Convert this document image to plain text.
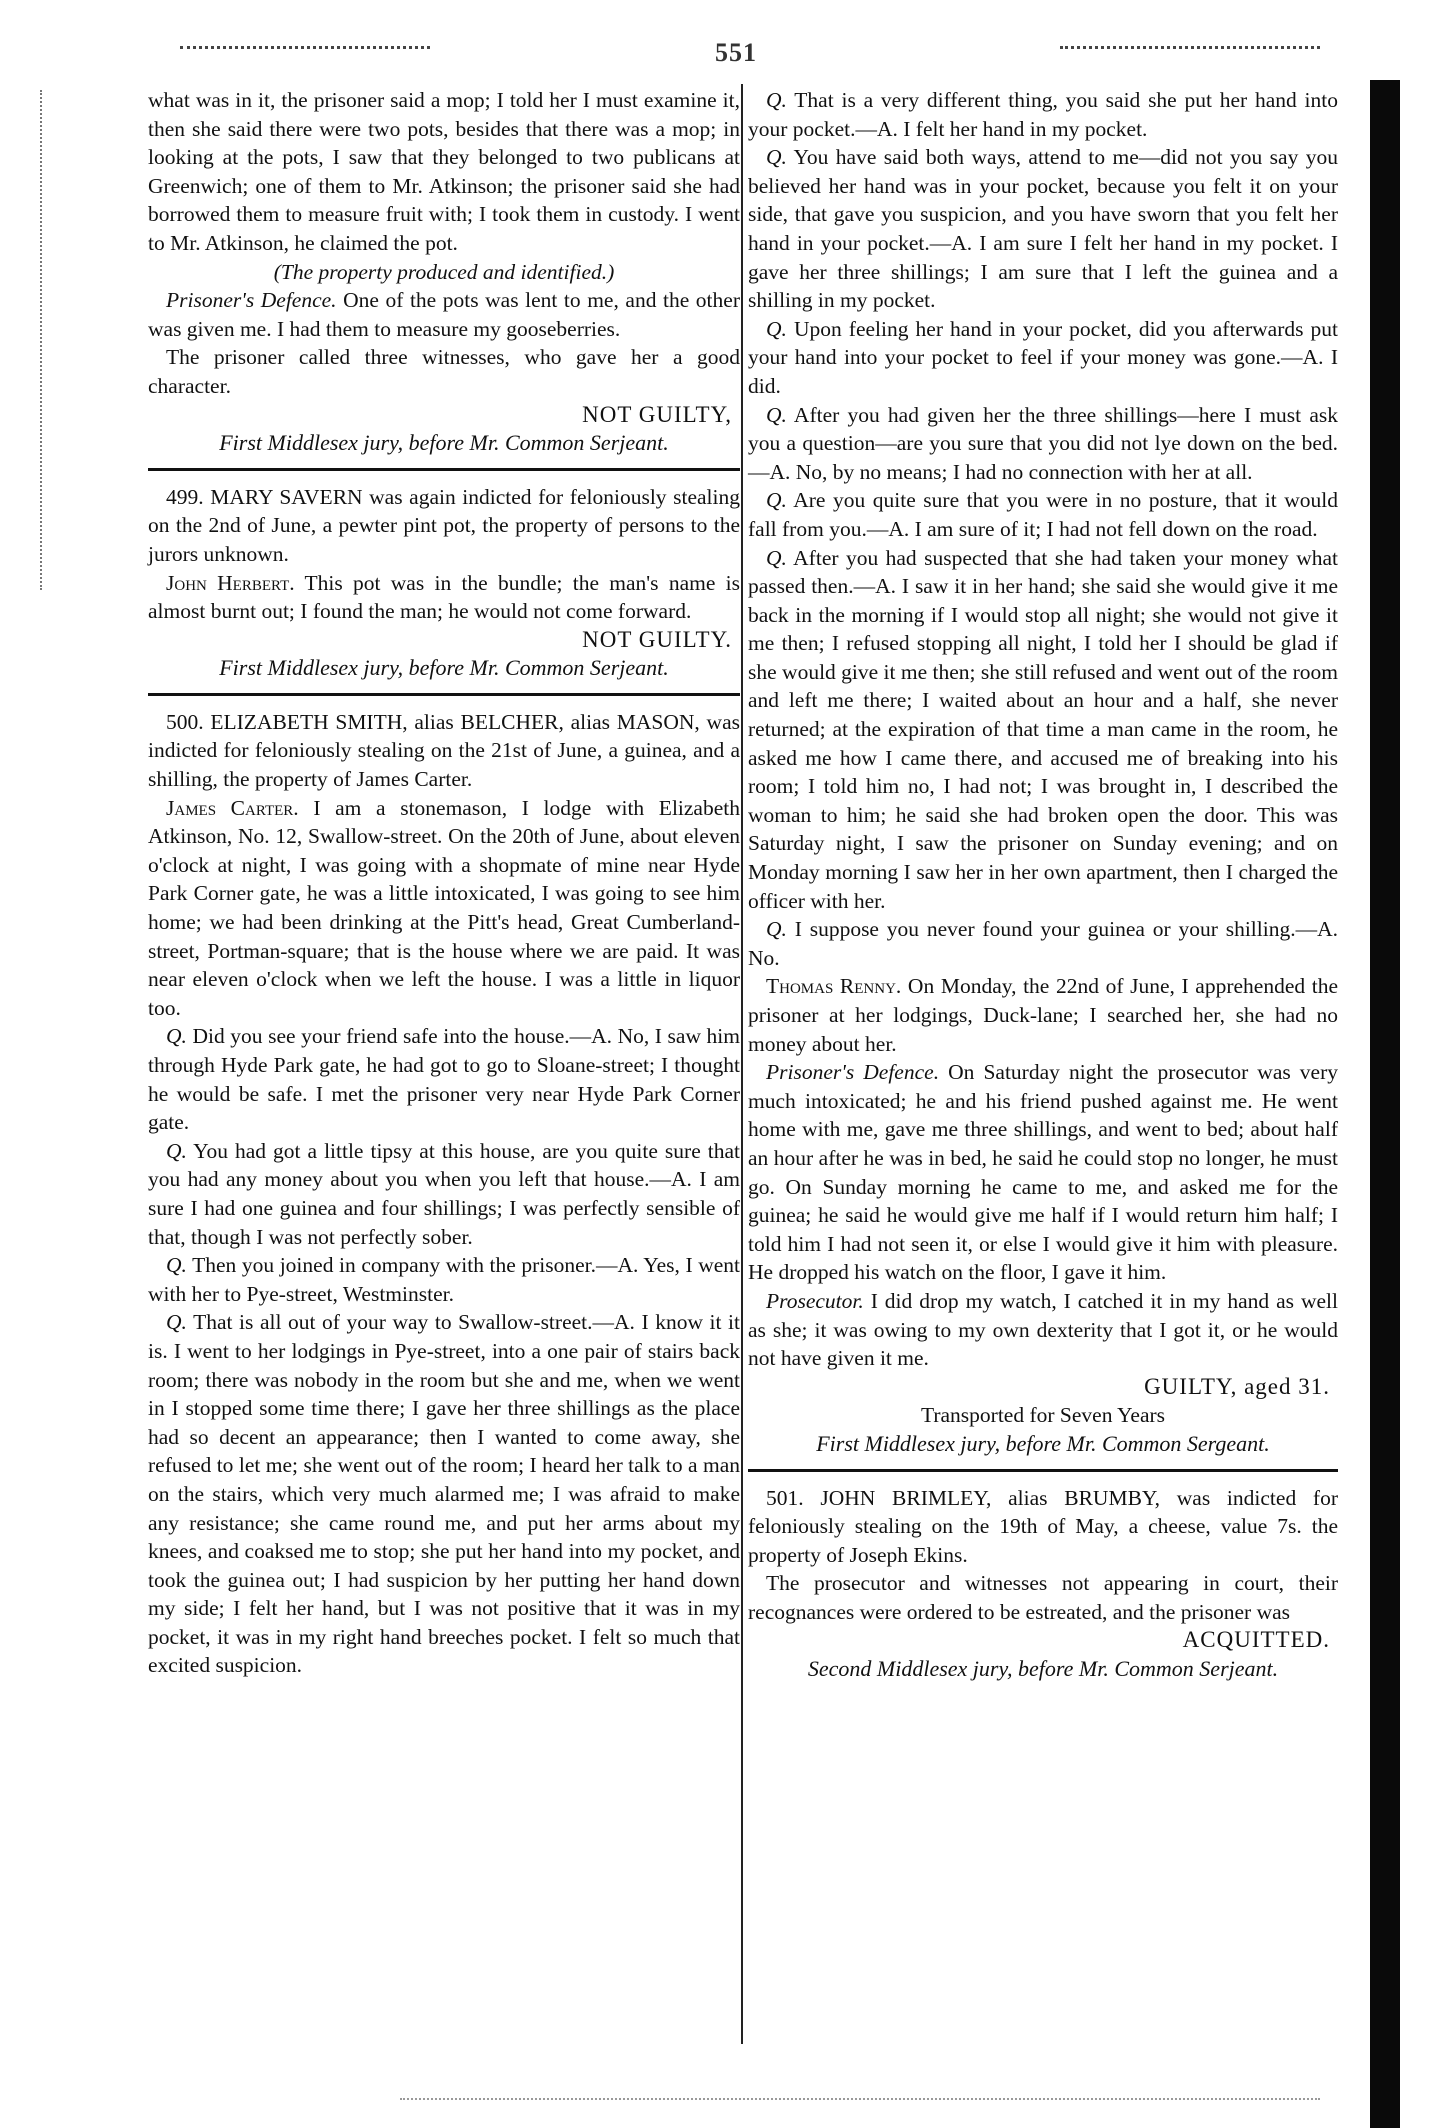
551

what was in it, the prisoner said a mop; I told her I must examine it, then she said there were two pots, besides that there was a mop; in looking at the pots, I saw that they belonged to two publicans at Greenwich; one of them to Mr. Atkinson; the prisoner said she had borrowed them to measure fruit with; I took them in custody. I went to Mr. Atkinson, he claimed the pot.

(The property produced and identified.)

Prisoner's Defence. One of the pots was lent to me, and the other was given me. I had them to measure my gooseberries.

The prisoner called three witnesses, who gave her a good character.

NOT GUILTY,

First Middlesex jury, before Mr. Common Serjeant.

499. MARY SAVERN was again indicted for feloniously stealing on the 2nd of June, a pewter pint pot, the property of persons to the jurors unknown.

John Herbert. This pot was in the bundle; the man's name is almost burnt out; I found the man; he would not come forward.

NOT GUILTY.

First Middlesex jury, before Mr. Common Serjeant.

500. ELIZABETH SMITH, alias BELCHER, alias MASON, was indicted for feloniously stealing on the 21st of June, a guinea, and a shilling, the property of James Carter.

James Carter. I am a stonemason, I lodge with Elizabeth Atkinson, No. 12, Swallow-street. On the 20th of June, about eleven o'clock at night, I was going with a shopmate of mine near Hyde Park Corner gate, he was a little intoxicated, I was going to see him home; we had been drinking at the Pitt's head, Great Cumberland-street, Portman-square; that is the house where we are paid. It was near eleven o'clock when we left the house. I was a little in liquor too.

Q. Did you see your friend safe into the house.—A. No, I saw him through Hyde Park gate, he had got to go to Sloane-street; I thought he would be safe. I met the prisoner very near Hyde Park Corner gate.

Q. You had got a little tipsy at this house, are you quite sure that you had any money about you when you left that house.—A. I am sure I had one guinea and four shillings; I was perfectly sensible of that, though I was not perfectly sober.

Q. Then you joined in company with the prisoner.—A. Yes, I went with her to Pye-street, Westminster.

Q. That is all out of your way to Swallow-street.—A. I know it it is. I went to her lodgings in Pye-street, into a one pair of stairs back room; there was nobody in the room but she and me, when we went in I stopped some time there; I gave her three shillings as the place had so decent an appearance; then I wanted to come away, she refused to let me; she went out of the room; I heard her talk to a man on the stairs, which very much alarmed me; I was afraid to make any resistance; she came round me, and put her arms about my knees, and coaksed me to stop; she put her hand into my pocket, and took the guinea out; I had suspicion by her putting her hand down my side; I felt her hand, but I was not positive that it was in my pocket, it was in my right hand breeches pocket. I felt so much that excited suspicion.

Q. That is a very different thing, you said she put her hand into your pocket.—A. I felt her hand in my pocket.

Q. You have said both ways, attend to me—did not you say you believed her hand was in your pocket, because you felt it on your side, that gave you suspicion, and you have sworn that you felt her hand in your pocket.—A. I am sure I felt her hand in my pocket. I gave her three shillings; I am sure that I left the guinea and a shilling in my pocket.

Q. Upon feeling her hand in your pocket, did you afterwards put your hand into your pocket to feel if your money was gone.—A. I did.

Q. After you had given her the three shillings—here I must ask you a question—are you sure that you did not lye down on the bed.—A. No, by no means; I had no connection with her at all.

Q. Are you quite sure that you were in no posture, that it would fall from you.—A. I am sure of it; I had not fell down on the road.

Q. After you had suspected that she had taken your money what passed then.—A. I saw it in her hand; she said she would give it me back in the morning if I would stop all night; she would not give it me then; I refused stopping all night, I told her I should be glad if she would give it me then; she still refused and went out of the room and left me there; I waited about an hour and a half, she never returned; at the expiration of that time a man came in the room, he asked me how I came there, and accused me of breaking into his room; I told him no, I had not; I was brought in, I described the woman to him; he said she had broken open the door. This was Saturday night, I saw the prisoner on Sunday evening; and on Monday morning I saw her in her own apartment, then I charged the officer with her.

Q. I suppose you never found your guinea or your shilling.—A. No.

Thomas Renny. On Monday, the 22nd of June, I apprehended the prisoner at her lodgings, Duck-lane; I searched her, she had no money about her.

Prisoner's Defence. On Saturday night the prosecutor was very much intoxicated; he and his friend pushed against me. He went home with me, gave me three shillings, and went to bed; about half an hour after he was in bed, he said he could stop no longer, he must go. On Sunday morning he came to me, and asked me for the guinea; he said he would give me half if I would return him half; I told him I had not seen it, or else I would give it him with pleasure. He dropped his watch on the floor, I gave it him.

Prosecutor. I did drop my watch, I catched it in my hand as well as she; it was owing to my own dexterity that I got it, or he would not have given it me.

GUILTY, aged 31.

Transported for Seven Years

First Middlesex jury, before Mr. Common Sergeant.

501. JOHN BRIMLEY, alias BRUMBY, was indicted for feloniously stealing on the 19th of May, a cheese, value 7s. the property of Joseph Ekins.

The prosecutor and witnesses not appearing in court, their recognances were ordered to be estreated, and the prisoner was

ACQUITTED.

Second Middlesex jury, before Mr. Common Serjeant.
